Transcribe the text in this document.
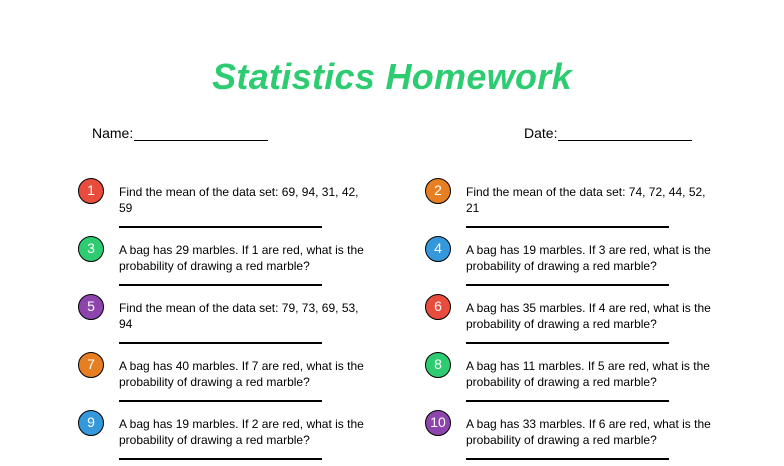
Statistics Homework
Name:	Date:
1	Find the mean of the data set: 69, 94, 31, 42, 59
3	A bag has 29 marbles. If 1 are red, what is the probability of drawing a red marble?
5	Find the mean of the data set: 79, 73, 69, 53, 94
7	A bag has 40 marbles. If 7 are red, what is the probability of drawing a red marble?
9	A bag has 19 marbles. If 2 are red, what is the probability of drawing a red marble?
2	Find the mean of the data set: 74, 72, 44, 52, 21
4	A bag has 19 marbles. If 3 are red, what is the probability of drawing a red marble?
6	A bag has 35 marbles. If 4 are red, what is the probability of drawing a red marble?
8	A bag has 11 marbles. If 5 are red, what is the probability of drawing a red marble?
10	A bag has 33 marbles. If 6 are red, what is the probability of drawing a red marble?
